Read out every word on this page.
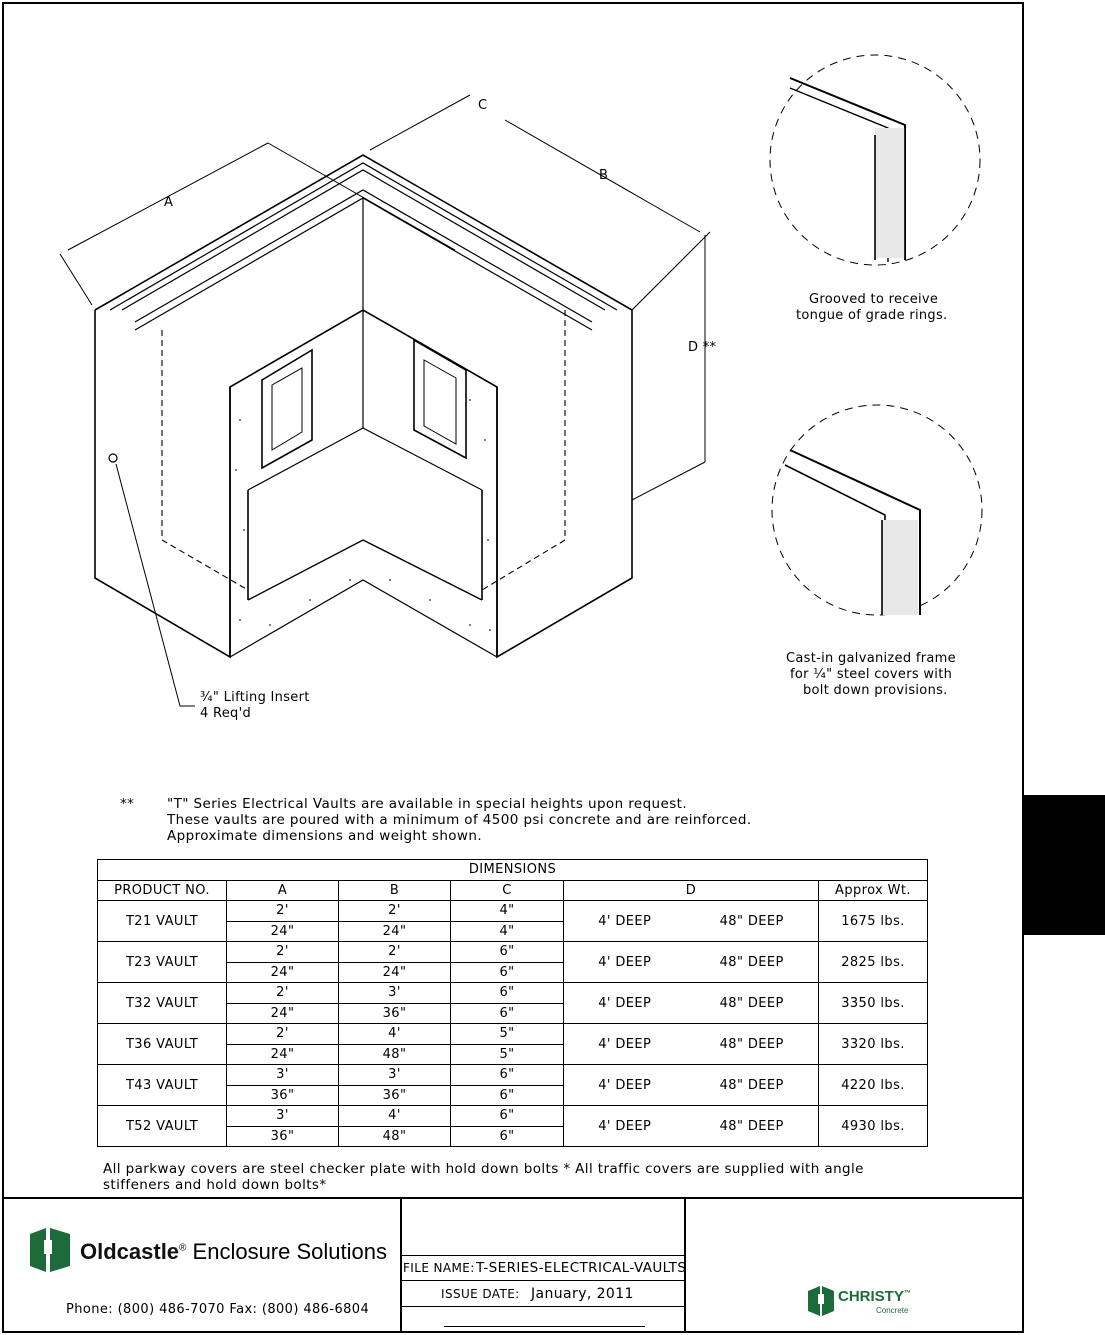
C
B
A
D **
¾" Lifting Insert
4 Req'd
Grooved to receive
tongue of grade rings.
Cast-in galvanized frame
for ¼" steel covers with
bolt down provisions.
** "T" Series Electrical Vaults are available in special heights upon request.
These vaults are poured with a minimum of 4500 psi concrete and are reinforced.
Approximate dimensions and weight shown.
DIMENSIONS					
PRODUCT NO.	A	B	C	D	Approx Wt.
T21 VAULT	2'	2'	4"	4' DEEP 48" DEEP	1675 lbs.
	24"	24"	4"		
T23 VAULT	2'	2'	6"	4' DEEP 48" DEEP	2825 lbs.
	24"	24"	6"		
T32 VAULT	2'	3'	6"	4' DEEP 48" DEEP	3350 lbs.
	24"	36"	6"		
T36 VAULT	2'	4'	5"	4' DEEP 48" DEEP	3320 lbs.
	24"	48"	5"		
T43 VAULT	3'	3'	6"	4' DEEP 48" DEEP	4220 lbs.
	36"	36"	6"		
T52 VAULT	3'	4'	6"	4' DEEP 48" DEEP	4930 lbs.
	36"	48"	6"		
All parkway covers are steel checker plate with hold down bolts * All traffic covers are supplied with angle
stiffeners and hold down bolts*
Oldcastle® Enclosure Solutions
Phone: (800) 486-7070 Fax: (800) 486-6804
FILE NAME: T-SERIES-ELECTRICAL-VAULTS
ISSUE DATE: January, 2011	CHRISTY™
Concrete
